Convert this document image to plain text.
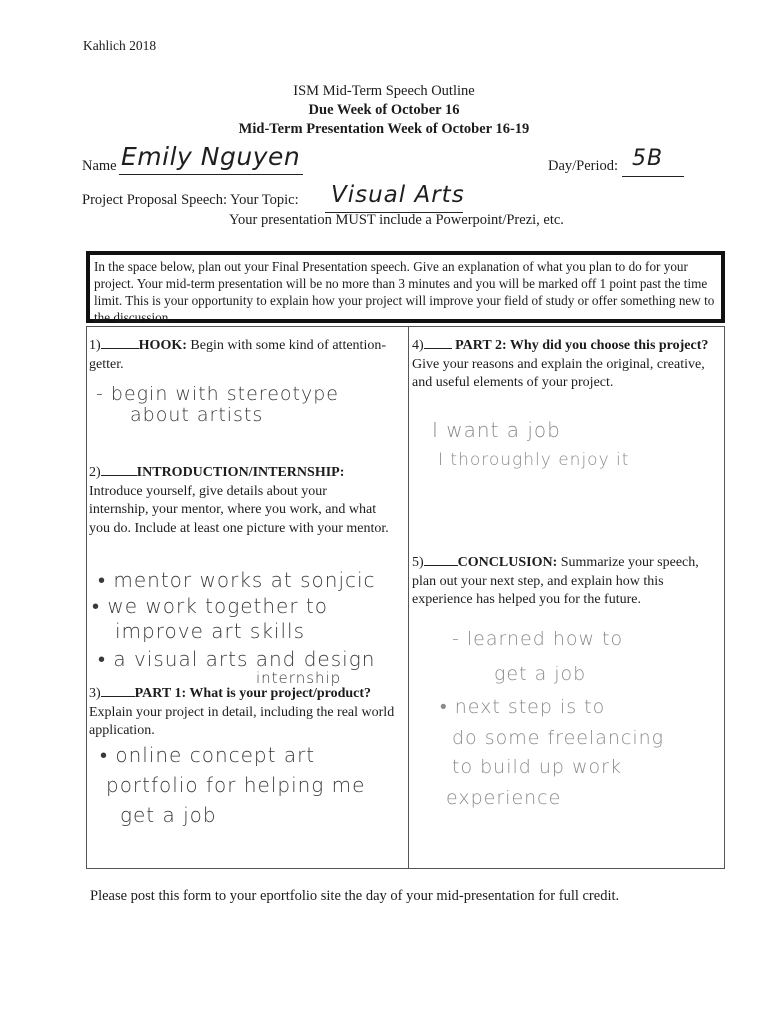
Kahlich 2018
ISM Mid-Term Speech Outline
Due Week of October 16
Mid-Term Presentation Week of October 16-19
Name Emily Nguyen	Day/Period: 5B
Project Proposal Speech: Your Topic: Visual Arts
Your presentation MUST include a Powerpoint/Prezi, etc.
In the space below, plan out your Final Presentation speech. Give an explanation of what you plan to do for your project. Your mid-term presentation will be no more than 3 minutes and you will be marked off 1 point past the time limit. This is your opportunity to explain how your project will improve your field of study or offer something new to the discussion.
1)	HOOK: Begin with some kind of attention-getter.
- begin with stereotype
about artists
2)	INTRODUCTION/INTERNSHIP:
Introduce yourself, give details about your internship, your mentor, where you work, and what you do. Include at least one picture with your mentor.
• mentor works at sonjcic
• we work together to
improve art skills
• a visual arts and design
internship
3) PART 1: What is your project/product?
Explain your project in detail, including the real world application.
• online concept art
portfolio for helping me
get a job
4) PART 2: Why did you choose this project? Give your reasons and explain the original, creative, and useful elements of your project.
I want a job
I thoroughly enjoy it
5) CONCLUSION: Summarize your speech, plan out your next step, and explain how this experience has helped you for the future.
- learned how to
get a job
• next step is to
do some freelancing
to build up work
experience
Please post this form to your eportfolio site the day of your mid-presentation for full credit.
